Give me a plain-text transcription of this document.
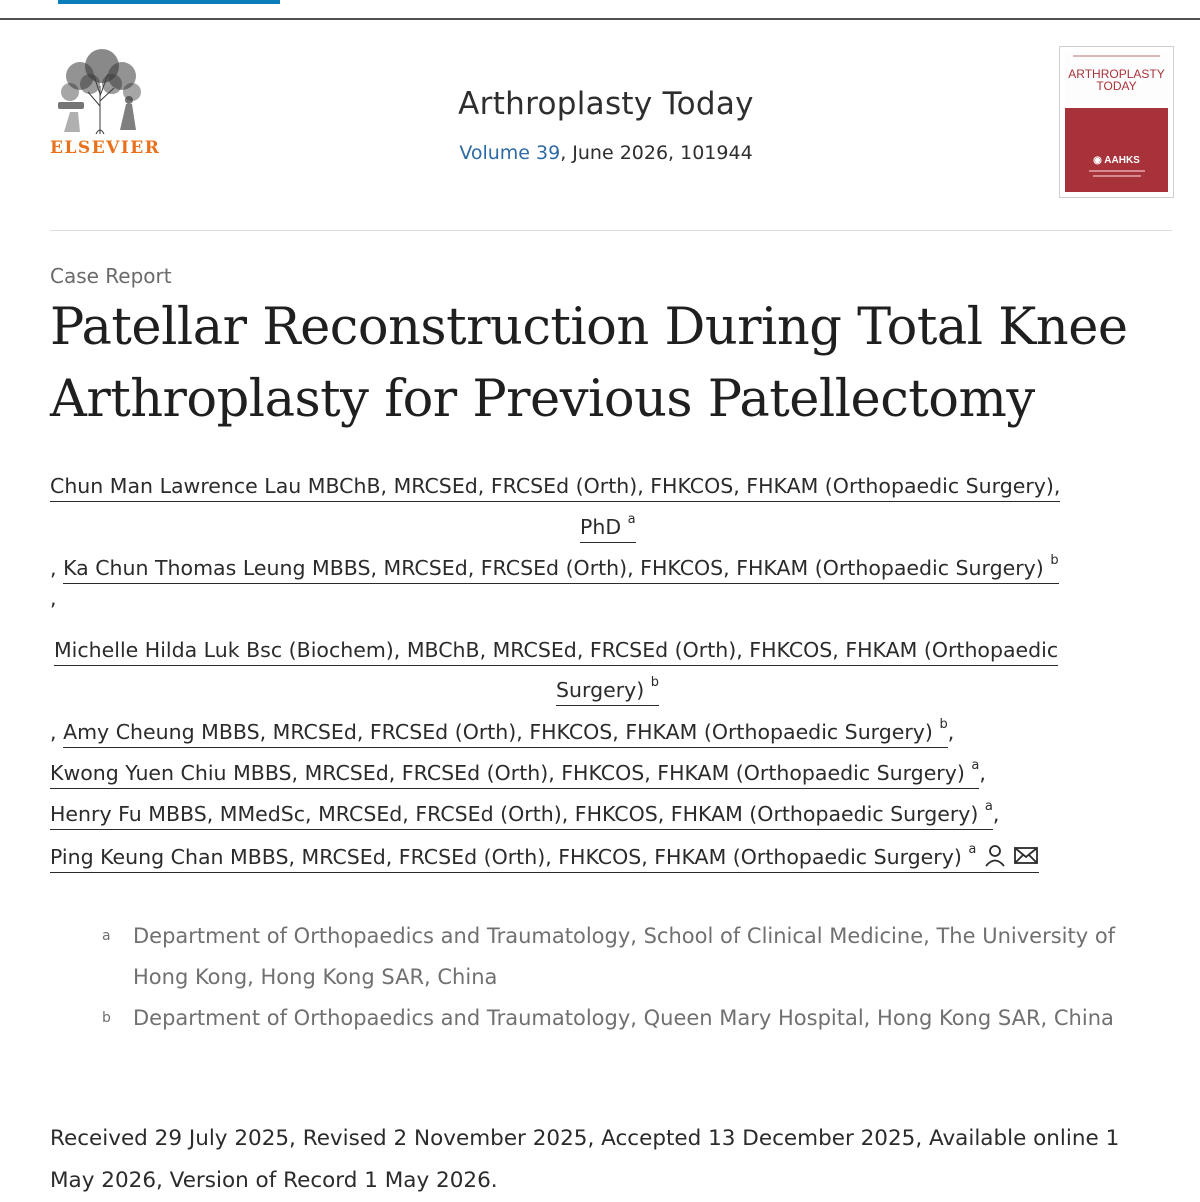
ELSEVIER
Arthroplasty Today
Volume 39, June 2026, 101944
ARTHROPLASTY
TODAY
◉ AAHKS
Case Report
Patellar Reconstruction During Total Knee Arthroplasty for Previous Patellectomy
Chun Man Lawrence Lau MBChB, MRCSEd, FRCSEd (Orth), FHKCOS, FHKAM (Orthopaedic Surgery),
PhD $^a$
, Ka Chun Thomas Leung MBBS, MRCSEd, FRCSEd (Orth), FHKCOS, FHKAM (Orthopaedic Surgery) $^b$
,
Michelle Hilda Luk Bsc (Biochem), MBChB, MRCSEd, FRCSEd (Orth), FHKCOS, FHKAM (Orthopaedic
Surgery) $^b$
, Amy Cheung MBBS, MRCSEd, FRCSEd (Orth), FHKCOS, FHKAM (Orthopaedic Surgery) $^b$,
Kwong Yuen Chiu MBBS, MRCSEd, FRCSEd (Orth), FHKCOS, FHKAM (Orthopaedic Surgery) $^a$,
Henry Fu MBBS, MMedSc, MRCSEd, FRCSEd (Orth), FHKCOS, FHKAM (Orthopaedic Surgery) $^a$,
Ping Keung Chan MBBS, MRCSEd, FRCSEd (Orth), FHKCOS, FHKAM (Orthopaedic Surgery) $^a$
a Department of Orthopaedics and Traumatology, School of Clinical Medicine, The University of Hong Kong, Hong Kong SAR, China
b Department of Orthopaedics and Traumatology, Queen Mary Hospital, Hong Kong SAR, China
Received 29 July 2025, Revised 2 November 2025, Accepted 13 December 2025, Available online 1 May 2026, Version of Record 1 May 2026.
